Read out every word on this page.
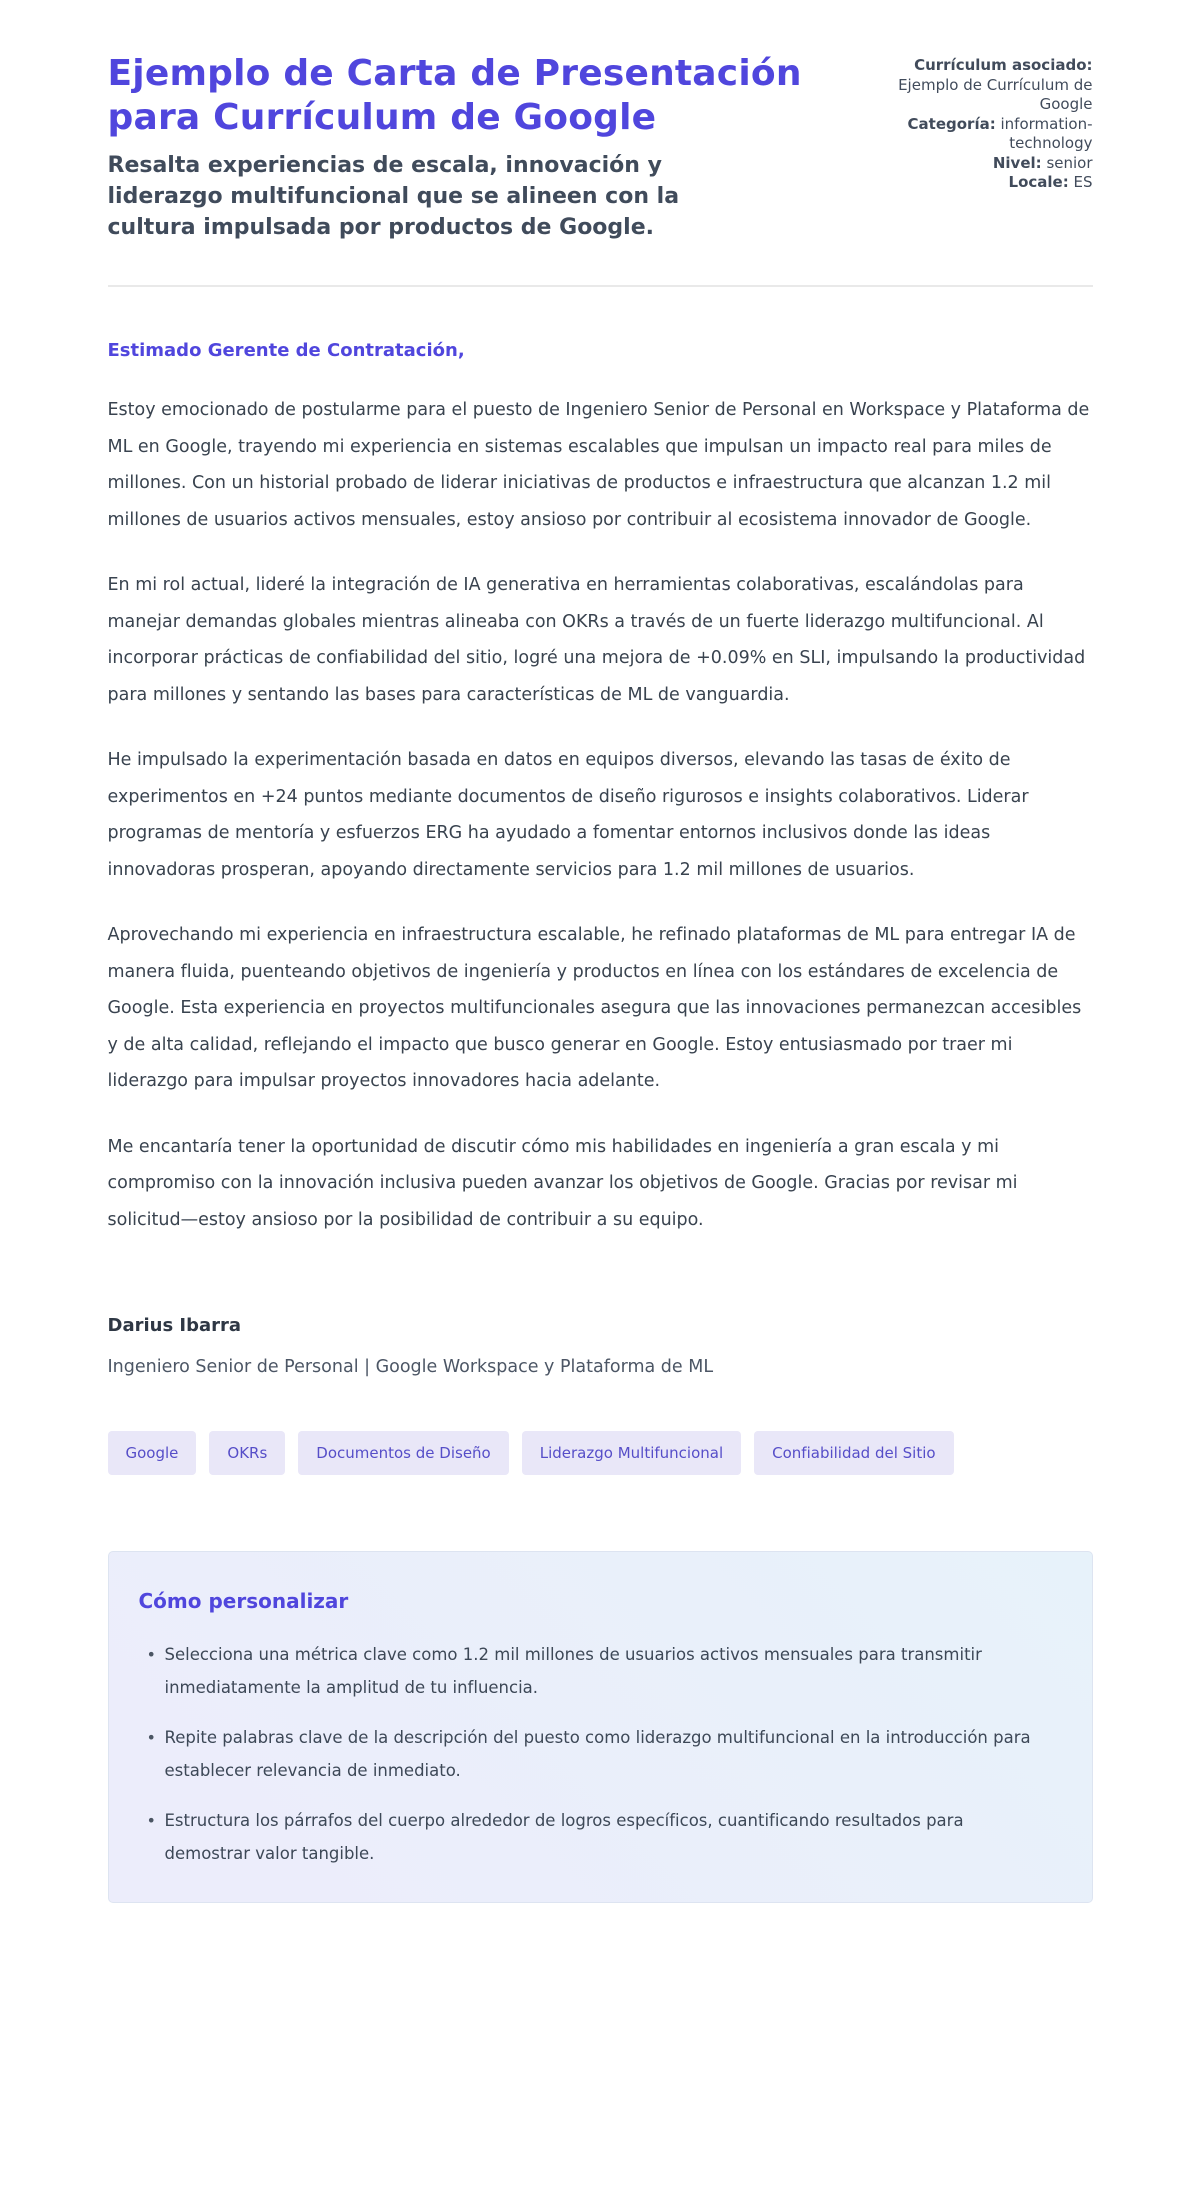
Ejemplo de Carta de Presentación para Currículum de Google

Resalta experiencias de escala, innovación y liderazgo multifuncional que se alineen con la cultura impulsada por productos de Google.

Currículum asociado: Ejemplo de Currículum de Google

Categoría: information-technology

Nivel: senior

Locale: ES

Estimado Gerente de Contratación,

Estoy emocionado de postularme para el puesto de Ingeniero Senior de Personal en Workspace y Plataforma de ML en Google, trayendo mi experiencia en sistemas escalables que impulsan un impacto real para miles de millones. Con un historial probado de liderar iniciativas de productos e infraestructura que alcanzan 1.2 mil millones de usuarios activos mensuales, estoy ansioso por contribuir al ecosistema innovador de Google.

En mi rol actual, lideré la integración de IA generativa en herramientas colaborativas, escalándolas para manejar demandas globales mientras alineaba con OKRs a través de un fuerte liderazgo multifuncional. Al incorporar prácticas de confiabilidad del sitio, logré una mejora de +0.09% en SLI, impulsando la productividad para millones y sentando las bases para características de ML de vanguardia.

He impulsado la experimentación basada en datos en equipos diversos, elevando las tasas de éxito de experimentos en +24 puntos mediante documentos de diseño rigurosos e insights colaborativos. Liderar programas de mentoría y esfuerzos ERG ha ayudado a fomentar entornos inclusivos donde las ideas innovadoras prosperan, apoyando directamente servicios para 1.2 mil millones de usuarios.

Aprovechando mi experiencia en infraestructura escalable, he refinado plataformas de ML para entregar IA de manera fluida, puenteando objetivos de ingeniería y productos en línea con los estándares de excelencia de Google. Esta experiencia en proyectos multifuncionales asegura que las innovaciones permanezcan accesibles y de alta calidad, reflejando el impacto que busco generar en Google. Estoy entusiasmado por traer mi liderazgo para impulsar proyectos innovadores hacia adelante.

Me encantaría tener la oportunidad de discutir cómo mis habilidades en ingeniería a gran escala y mi compromiso con la innovación inclusiva pueden avanzar los objetivos de Google. Gracias por revisar mi solicitud—estoy ansioso por la posibilidad de contribuir a su equipo.

Darius Ibarra

Ingeniero Senior de Personal | Google Workspace y Plataforma de ML

Google	OKRs	Documentos de Diseño	Liderazgo Multifuncional	Confiabilidad del Sitio
Cómo personalizar
• Selecciona una métrica clave como 1.2 mil millones de usuarios activos mensuales para transmitir inmediatamente la amplitud de tu influencia.
• Repite palabras clave de la descripción del puesto como liderazgo multifuncional en la introducción para establecer relevancia de inmediato.
• Estructura los párrafos del cuerpo alrededor de logros específicos, cuantificando resultados para demostrar valor tangible.
